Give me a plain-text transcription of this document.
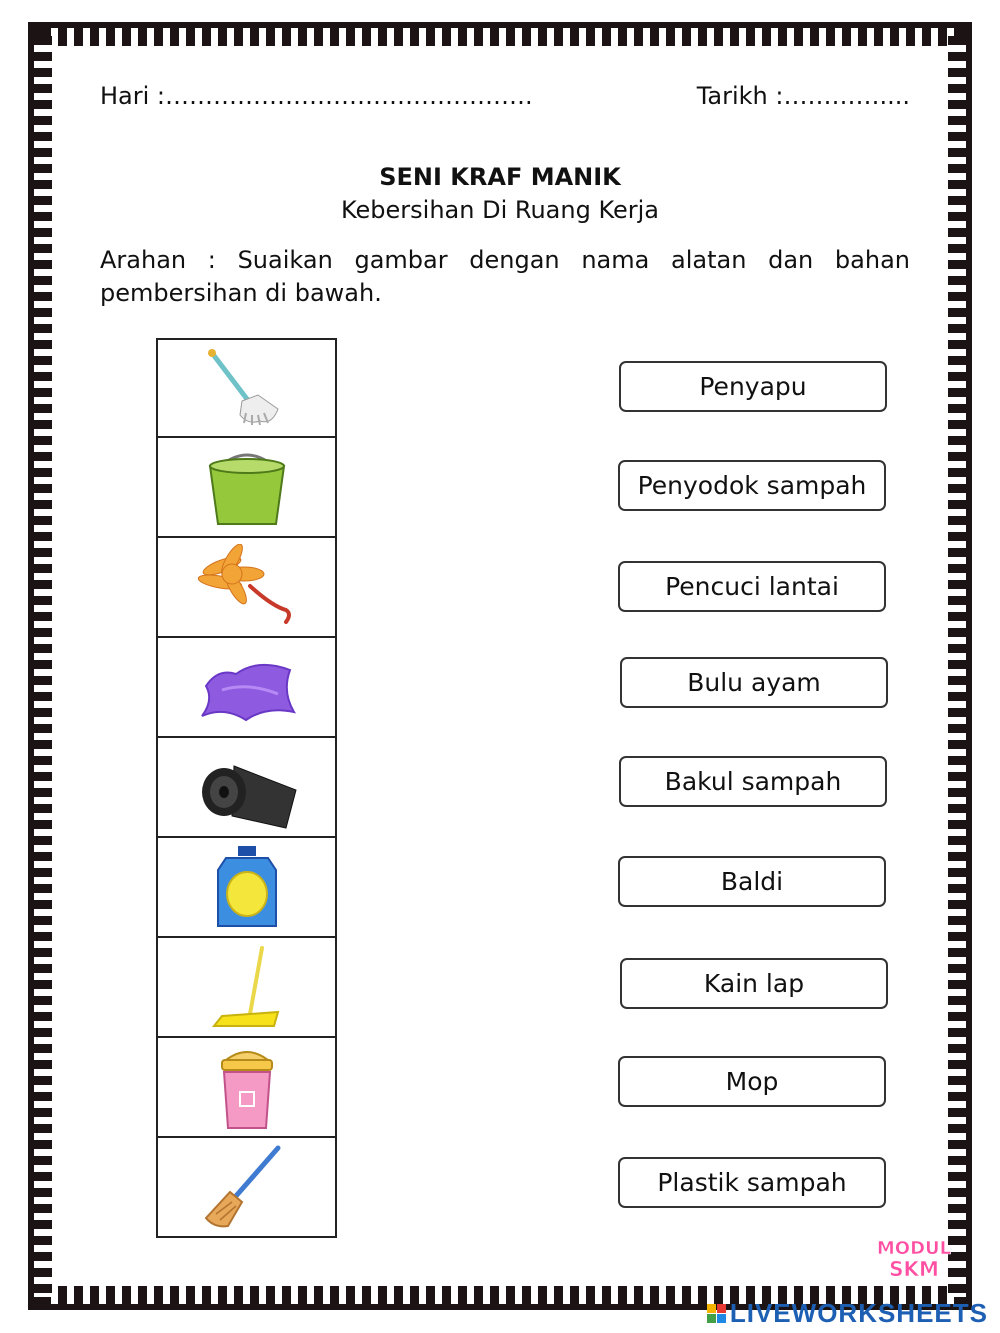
Hari :……………………………………….	Tarikh :…………....
SENI KRAF MANIK
Kebersihan Di Ruang Kerja
Arahan : Suaikan gambar dengan nama alatan dan bahan pembersihan di bawah.
Penyapu
Penyodok sampah
Pencuci lantai
Bulu ayam
Bakul sampah
Baldi
Kain lap
Mop
Plastik sampah
MODUL
SKM
LIVEWORKSHEETS
